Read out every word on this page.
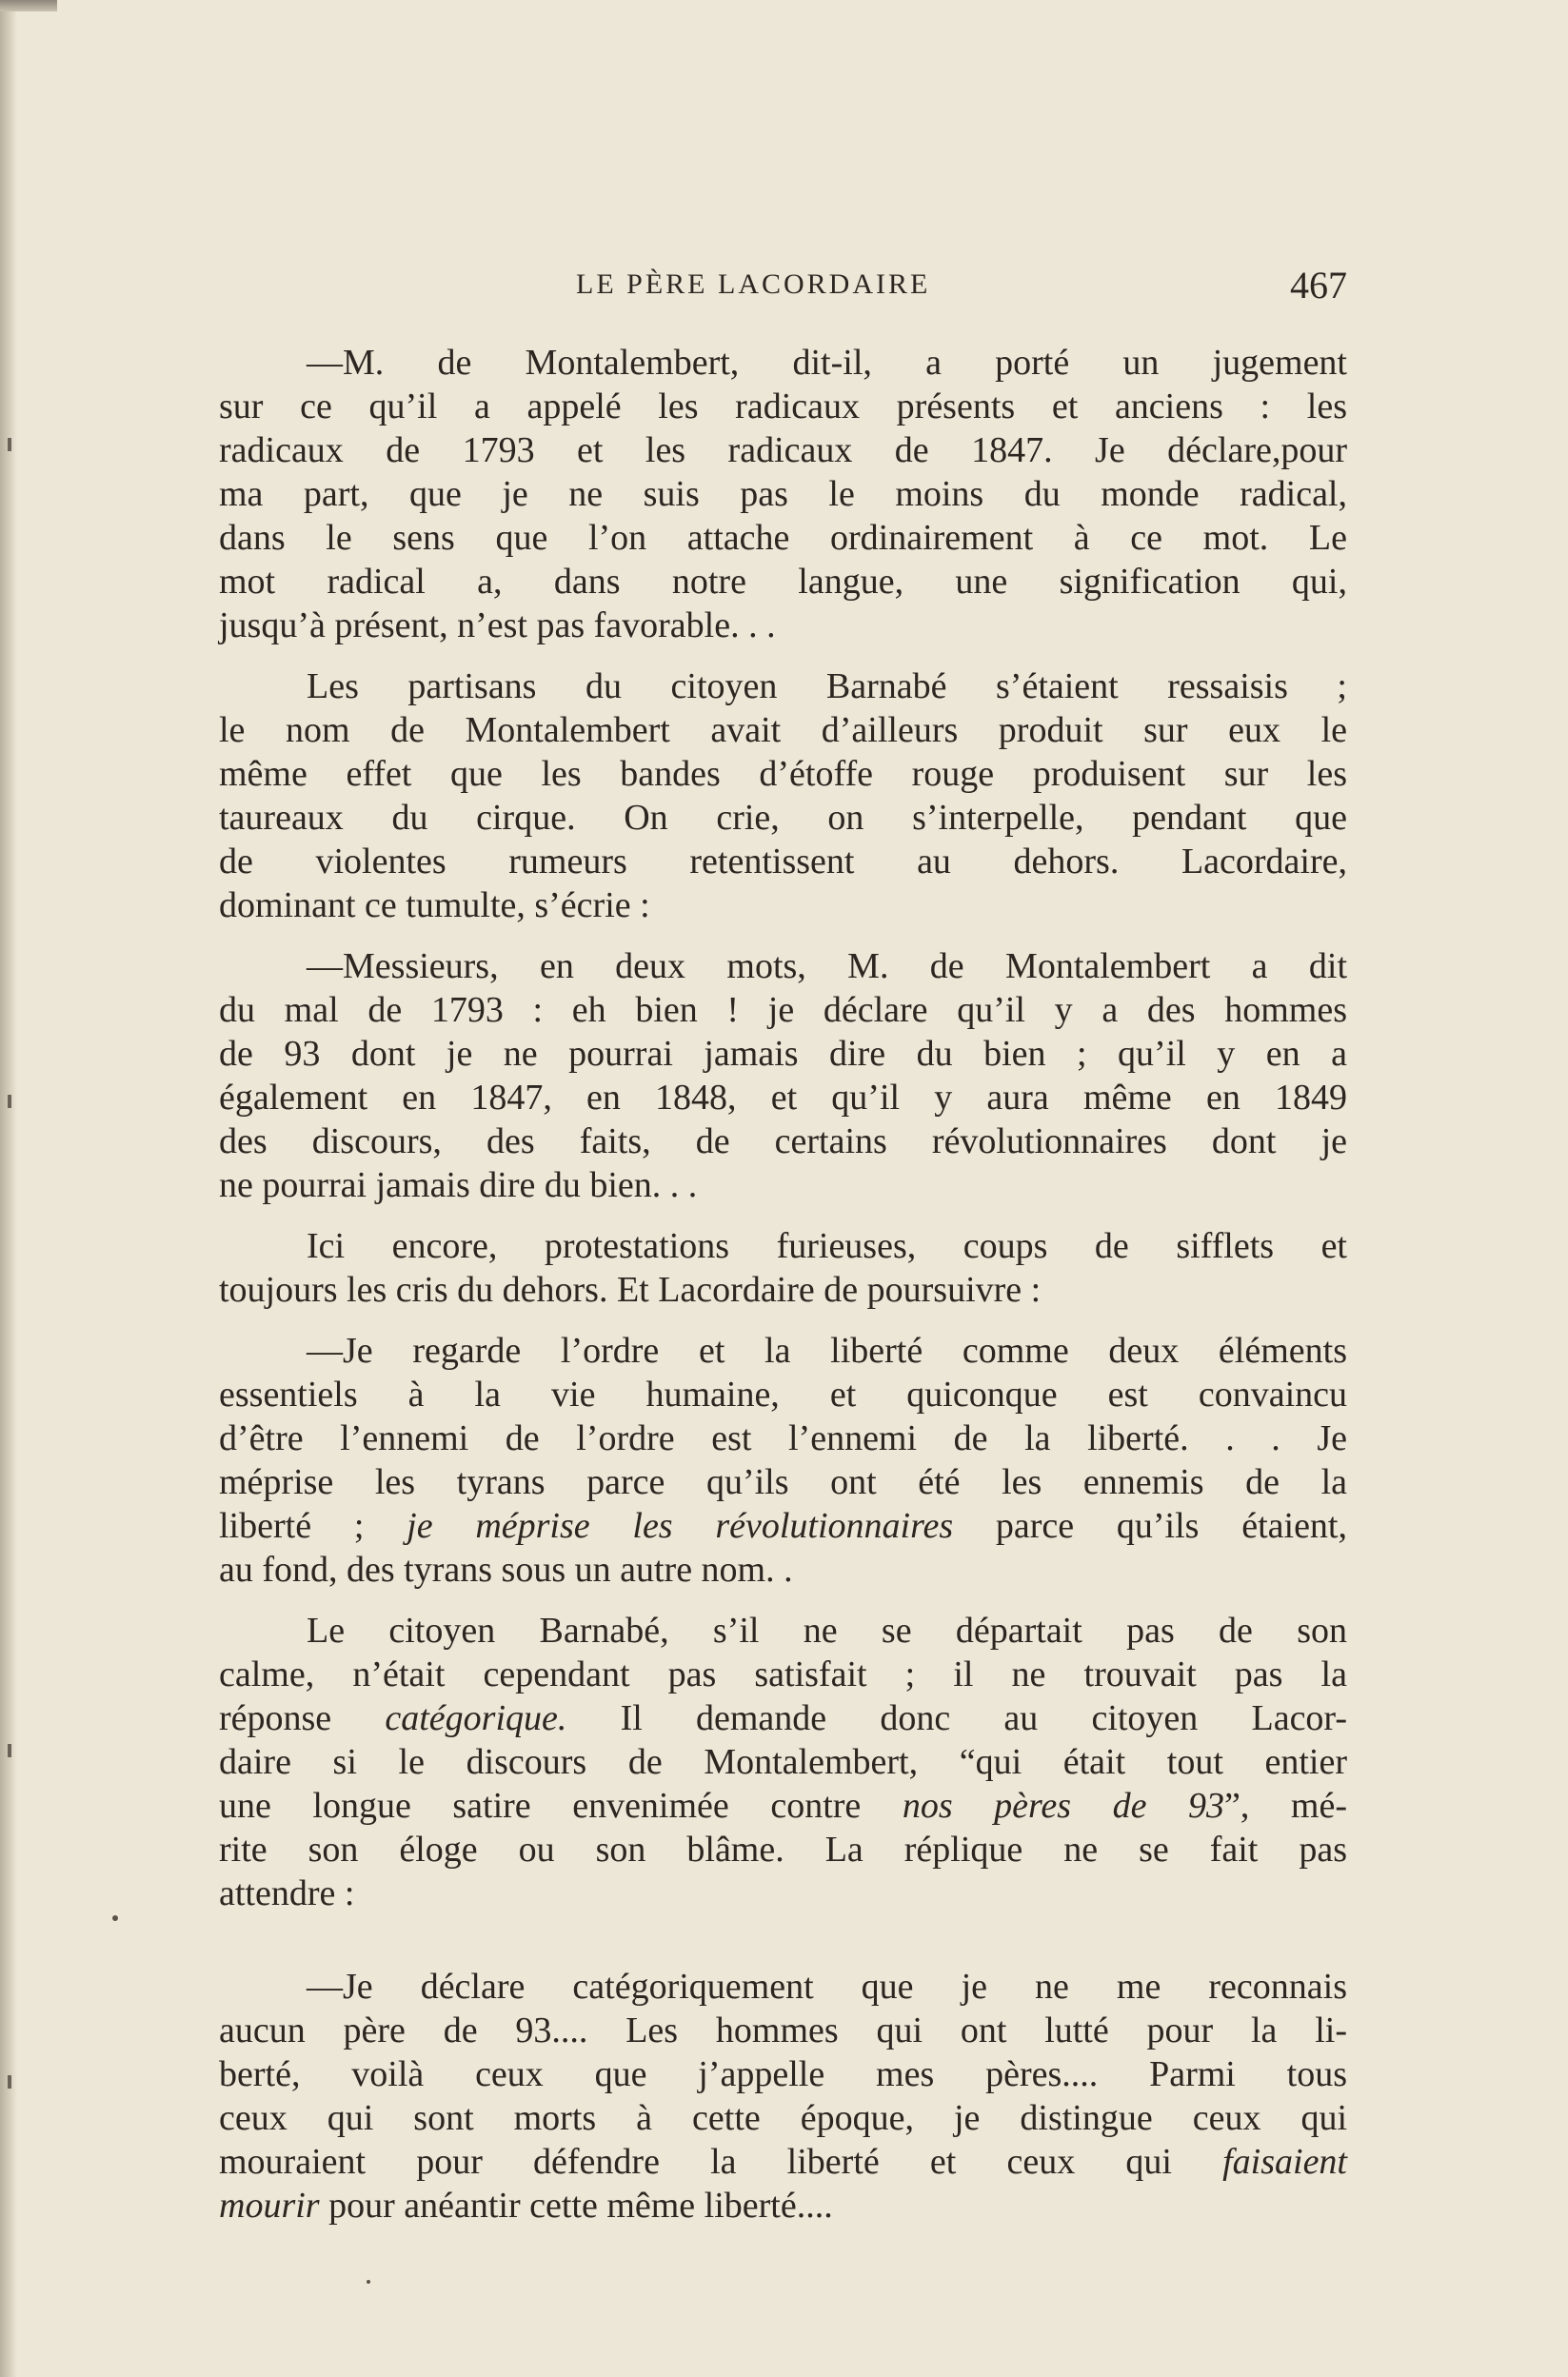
LE PÈRE LACORDAIRE	467
—M. de Montalembert, dit-il, a porté un jugement
sur ce qu’il a appelé les radicaux présents et anciens : les
radicaux de 1793 et les radicaux de 1847. Je déclare,pour
ma part, que je ne suis pas le moins du monde radical,
dans le sens que l’on attache ordinairement à ce mot. Le
mot radical a, dans notre langue, une signification qui,
jusqu’à présent, n’est pas favorable. . .
Les partisans du citoyen Barnabé s’étaient ressaisis ;
le nom de Montalembert avait d’ailleurs produit sur eux le
même effet que les bandes d’étoffe rouge produisent sur les
taureaux du cirque. On crie, on s’interpelle, pendant que
de violentes rumeurs retentissent au dehors. Lacordaire,
dominant ce tumulte, s’écrie :
—Messieurs, en deux mots, M. de Montalembert a dit
du mal de 1793 : eh bien ! je déclare qu’il y a des hommes
de 93 dont je ne pourrai jamais dire du bien ; qu’il y en a
également en 1847, en 1848, et qu’il y aura même en 1849
des discours, des faits, de certains révolutionnaires dont je
ne pourrai jamais dire du bien. . .
Ici encore, protestations furieuses, coups de sifflets et
toujours les cris du dehors. Et Lacordaire de poursuivre :
—Je regarde l’ordre et la liberté comme deux éléments
essentiels à la vie humaine, et quiconque est convaincu
d’être l’ennemi de l’ordre est l’ennemi de la liberté. . . Je
méprise les tyrans parce qu’ils ont été les ennemis de la
liberté ; je méprise les révolutionnaires parce qu’ils étaient,
au fond, des tyrans sous un autre nom. .
Le citoyen Barnabé, s’il ne se départait pas de son
calme, n’était cependant pas satisfait ; il ne trouvait pas la
réponse catégorique. Il demande donc au citoyen Lacor-
daire si le discours de Montalembert, “qui était tout entier
une longue satire envenimée contre nos pères de 93”, mé-
rite son éloge ou son blâme. La réplique ne se fait pas
attendre :
—Je déclare catégoriquement que je ne me reconnais
aucun père de 93.... Les hommes qui ont lutté pour la li-
berté, voilà ceux que j’appelle mes pères.... Parmi tous
ceux qui sont morts à cette époque, je distingue ceux qui
mouraient pour défendre la liberté et ceux qui faisaient
mourir pour anéantir cette même liberté....
